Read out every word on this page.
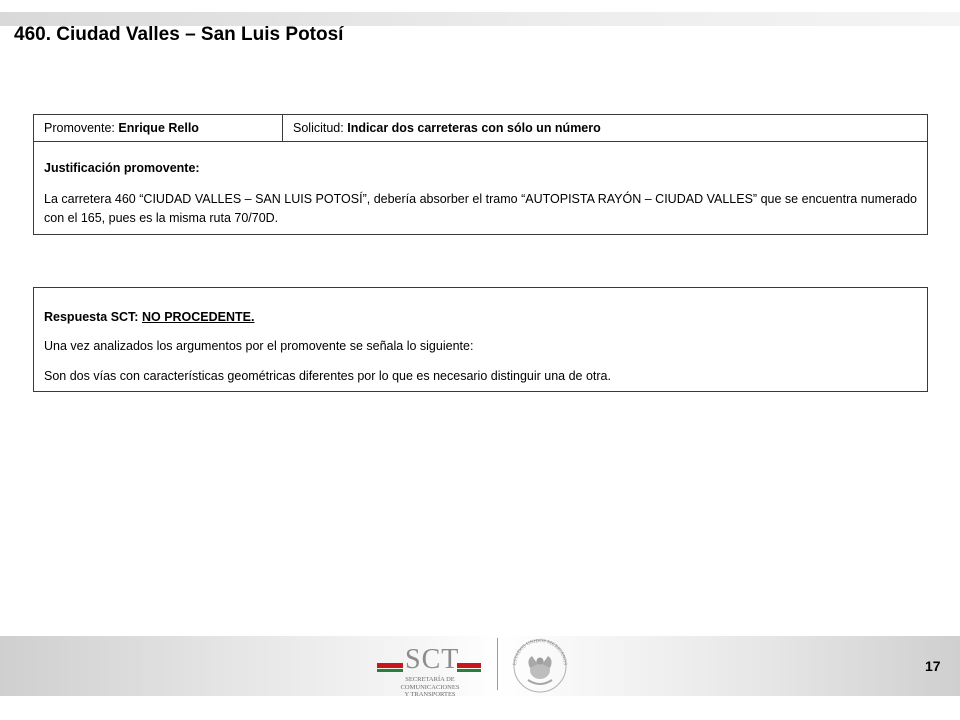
460. Ciudad Valles – San Luis Potosí
Promovente: Enrique Rello	Solicitud: Indicar dos carreteras con sólo un número

Justificación promovente:

La carretera 460 “CIUDAD VALLES – SAN LUIS POTOSÍ”, debería absorber el tramo “AUTOPISTA RAYÓN – CIUDAD VALLES” que se encuentra numerado con el 165, pues es la misma ruta 70/70D.

Respuesta SCT: NO PROCEDENTE.

Una vez analizados los argumentos por el promovente se señala lo siguiente:

Son dos vías con características geométricas diferentes por lo que es necesario distinguir una de otra.

SCT
SECRETARÍA DE
COMUNICACIONES
Y TRANSPORTES
ESTADOS UNIDOS MEXICANOS	17
